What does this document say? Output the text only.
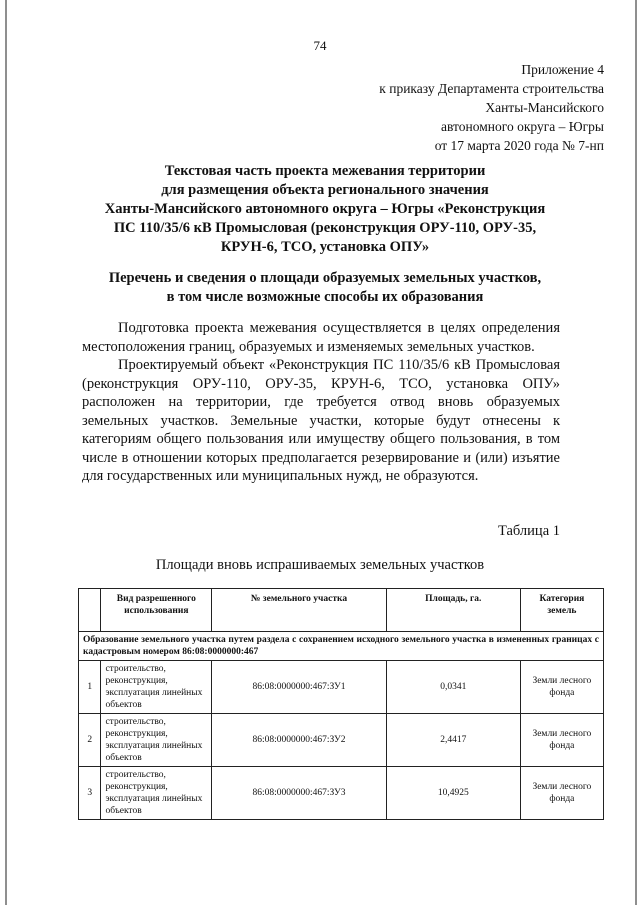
74
Приложение 4
к приказу Департамента строительства
Ханты-Мансийского
автономного округа – Югры
от 17 марта 2020 года № 7-нп
Текстовая часть проекта межевания территории
для размещения объекта регионального значения
Ханты-Мансийского автономного округа – Югры «Реконструкция
ПС 110/35/6 кВ Промысловая (реконструкция ОРУ-110, ОРУ-35,
КРУН-6, ТСО, установка ОПУ»
Перечень и сведения о площади образуемых земельных участков,
в том числе возможные способы их образования

Подготовка проекта межевания осуществляется в целях определения местоположения границ, образуемых и изменяемых земельных участков.

Проектируемый объект «Реконструкция ПС 110/35/6 кВ Промысловая (реконструкция ОРУ-110, ОРУ-35, КРУН-6, ТСО, установка ОПУ» расположен на территории, где требуется отвод вновь образуемых земельных участков. Земельные участки, которые будут отнесены к категориям общего пользования или имуществу общего пользования, в том числе в отношении которых предполагается резервирование и (или) изъятие для государственных или муниципальных нужд, не образуются.

Таблица 1
Площади вновь испрашиваемых земельных участков
	Вид разрешенного использования	№ земельного участка	Площадь, га.	Категория земель
Образование земельного участка путем раздела с сохранением исходного земельного участка в измененных границах с кадастровым номером 86:08:0000000:467				
1	строительство, реконструкция, эксплуатация линейных объектов	86:08:0000000:467:ЗУ1	0,0341	Земли лесного фонда
2	строительство, реконструкция, эксплуатация линейных объектов	86:08:0000000:467:ЗУ2	2,4417	Земли лесного фонда
3	строительство, реконструкция, эксплуатация линейных объектов	86:08:0000000:467:ЗУ3	10,4925	Земли лесного фонда
